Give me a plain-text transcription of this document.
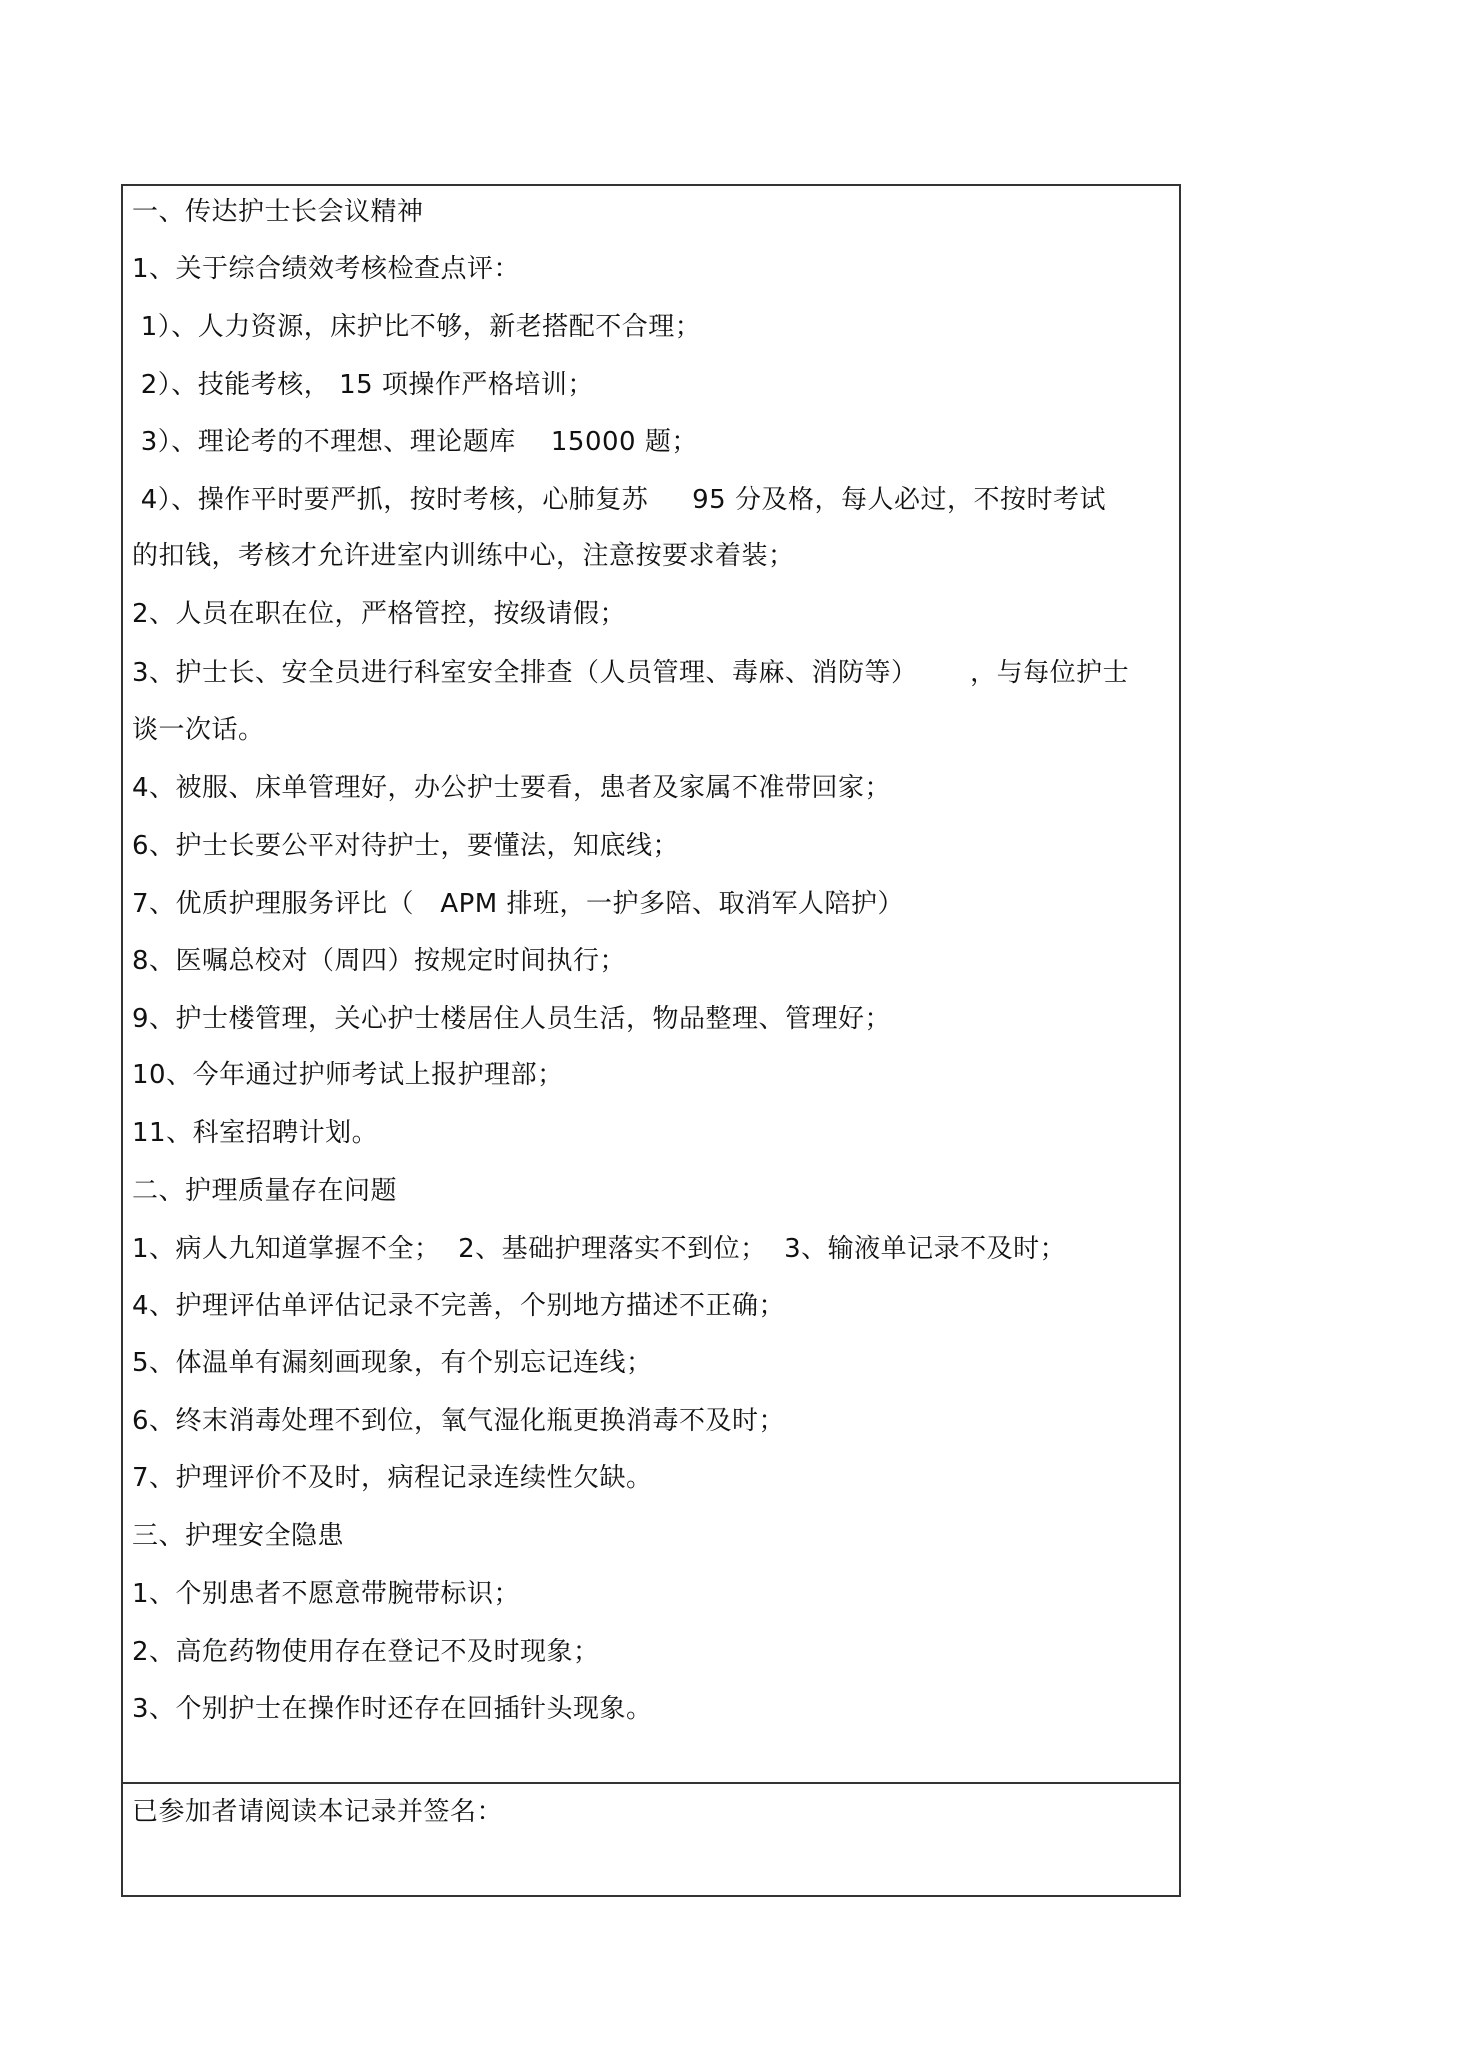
一、传达护士长会议精神
1、关于综合绩效考核检查点评：
1）、人力资源，床护比不够，新老搭配不合理；
2）、技能考核， 15 项操作严格培训；
3）、理论考的不理想、理论题库    15000 题；
4）、操作平时要严抓，按时考核，心肺复苏     95 分及格，每人必过，不按时考试
的扣钱，考核才允许进室内训练中心，注意按要求着装；
2、人员在职在位，严格管控，按级请假；
3、护士长、安全员进行科室安全排查（人员管理、毒麻、消防等）      ，与每位护士
谈一次话。
4、被服、床单管理好，办公护士要看，患者及家属不准带回家；
6、护士长要公平对待护士，要懂法，知底线；
7、优质护理服务评比（   APM 排班，一护多陪、取消军人陪护）
8、医嘱总校对（周四）按规定时间执行；
9、护士楼管理，关心护士楼居住人员生活，物品整理、管理好；
10、今年通过护师考试上报护理部；
11、科室招聘计划。
二、护理质量存在问题
1、病人九知道掌握不全；  2、基础护理落实不到位；  3、输液单记录不及时；
4、护理评估单评估记录不完善，个别地方描述不正确；
5、体温单有漏刻画现象，有个别忘记连线；
6、终末消毒处理不到位，氧气湿化瓶更换消毒不及时；
7、护理评价不及时，病程记录连续性欠缺。
三、护理安全隐患
1、个别患者不愿意带腕带标识；
2、高危药物使用存在登记不及时现象；
3、个别护士在操作时还存在回插针头现象。
已参加者请阅读本记录并签名：
